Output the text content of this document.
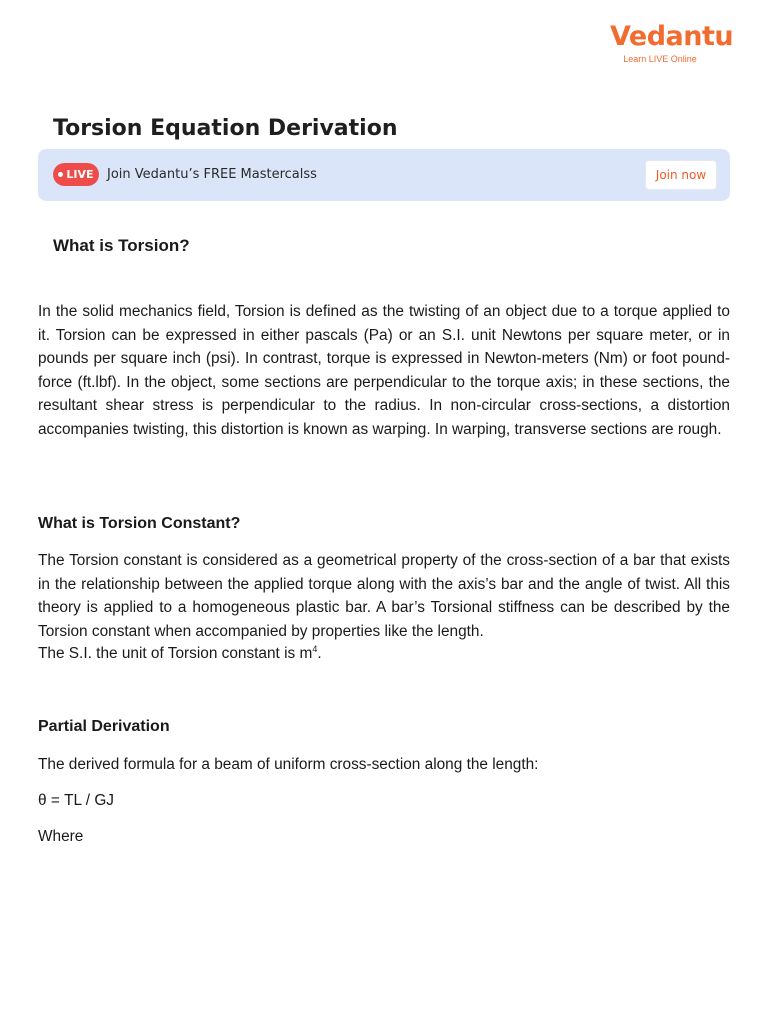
Vedantu
Learn LIVE Online
Torsion Equation Derivation
LIVE Join Vedantu’s FREE Mastercalss	Join now
What is Torsion?

In the solid mechanics field, Torsion is defined as the twisting of an object due to a torque applied to it. Torsion can be expressed in either pascals (Pa) or an S.I. unit Newtons per square meter, or in pounds per square inch (psi). In contrast, torque is expressed in Newton-meters (Nm) or foot pound-force (ft.lbf). In the object, some sections are perpendicular to the torque axis; in these sections, the resultant shear stress is perpendicular to the radius. In non-circular cross-sections, a distortion accompanies twisting, this distortion is known as warping. In warping, transverse sections are rough.

What is Torsion Constant?

The Torsion constant is considered as a geometrical property of the cross-section of a bar that exists in the relationship between the applied torque along with the axis’s bar and the angle of twist. All this theory is applied to a homogeneous plastic bar. A bar’s Torsional stiffness can be described by the Torsion constant when accompanied by properties like the length.

The S.I. the unit of Torsion constant is $m^4$.
Partial Derivation
The derived formula for a beam of uniform cross-section along the length:
θ = TL / GJ
Where
